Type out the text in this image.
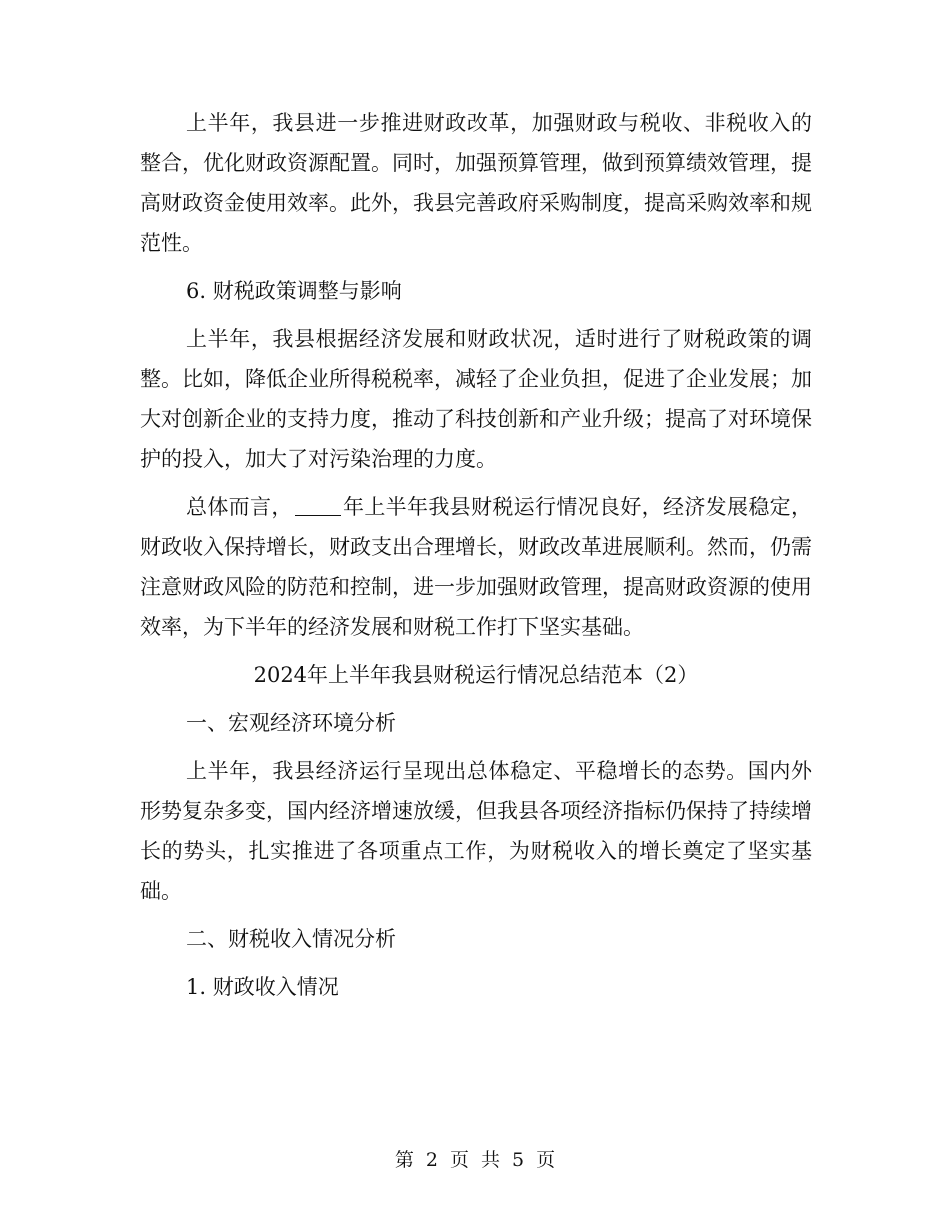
上半年，我县进一步推进财政改革，加强财政与税收、非税收入的整合，优化财政资源配置。同时，加强预算管理，做到预算绩效管理，提高财政资金使用效率。此外，我县完善政府采购制度，提高采购效率和规范性。

6. 财税政策调整与影响

上半年，我县根据经济发展和财政状况，适时进行了财税政策的调整。比如，降低企业所得税税率，减轻了企业负担，促进了企业发展；加大对创新企业的支持力度，推动了科技创新和产业升级；提高了对环境保护的投入，加大了对污染治理的力度。

总体而言， 年上半年我县财税运行情况良好，经济发展稳定，财政收入保持增长，财政支出合理增长，财政改革进展顺利。然而，仍需注意财政风险的防范和控制，进一步加强财政管理，提高财政资源的使用效率，为下半年的经济发展和财税工作打下坚实基础。

2024年上半年我县财税运行情况总结范本（2）

一、宏观经济环境分析

上半年，我县经济运行呈现出总体稳定、平稳增长的态势。国内外形势复杂多变，国内经济增速放缓，但我县各项经济指标仍保持了持续增长的势头，扎实推进了各项重点工作，为财税收入的增长奠定了坚实基础。

二、财税收入情况分析

1. 财政收入情况

第 2 页 共 5 页
